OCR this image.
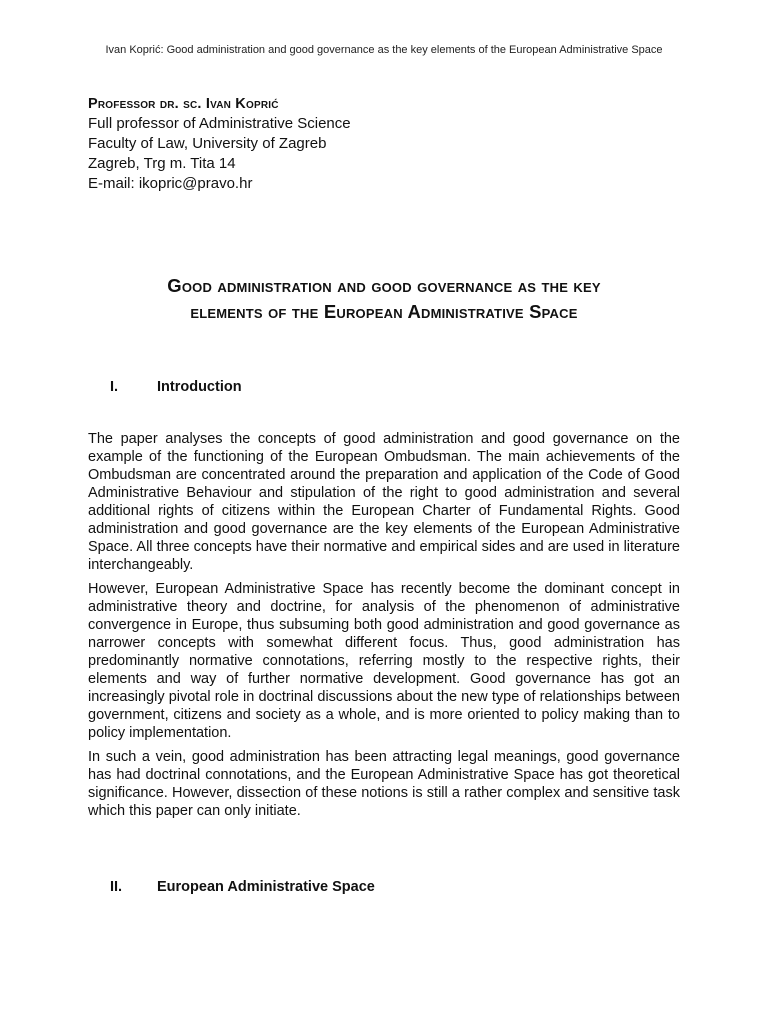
Ivan Koprić: Good administration and good governance as the key elements of the European Administrative Space
Professor dr. sc. Ivan Koprić
Full professor of Administrative Science
Faculty of Law, University of Zagreb
Zagreb, Trg m. Tita 14
E-mail: ikopric@pravo.hr
Good administration and good governance as the key
elements of the European Administrative Space
I.	Introduction

The paper analyses the concepts of good administration and good governance on the example of the functioning of the European Ombudsman. The main achievements of the Ombudsman are concentrated around the preparation and application of the Code of Good Administrative Behaviour and stipulation of the right to good administration and several additional rights of citizens within the European Charter of Fundamental Rights. Good administration and good governance are the key elements of the European Administrative Space. All three concepts have their normative and empirical sides and are used in literature interchangeably.

However, European Administrative Space has recently become the dominant concept in administrative theory and doctrine, for analysis of the phenomenon of administrative convergence in Europe, thus subsuming both good administration and good governance as narrower concepts with somewhat different focus. Thus, good administration has predominantly normative connotations, referring mostly to the respective rights, their elements and way of further normative development. Good governance has got an increasingly pivotal role in doctrinal discussions about the new type of relationships between government, citizens and society as a whole, and is more oriented to policy making than to policy implementation.

In such a vein, good administration has been attracting legal meanings, good governance has had doctrinal connotations, and the European Administrative Space has got theoretical significance. However, dissection of these notions is still a rather complex and sensitive task which this paper can only initiate.

II. European Administrative Space
